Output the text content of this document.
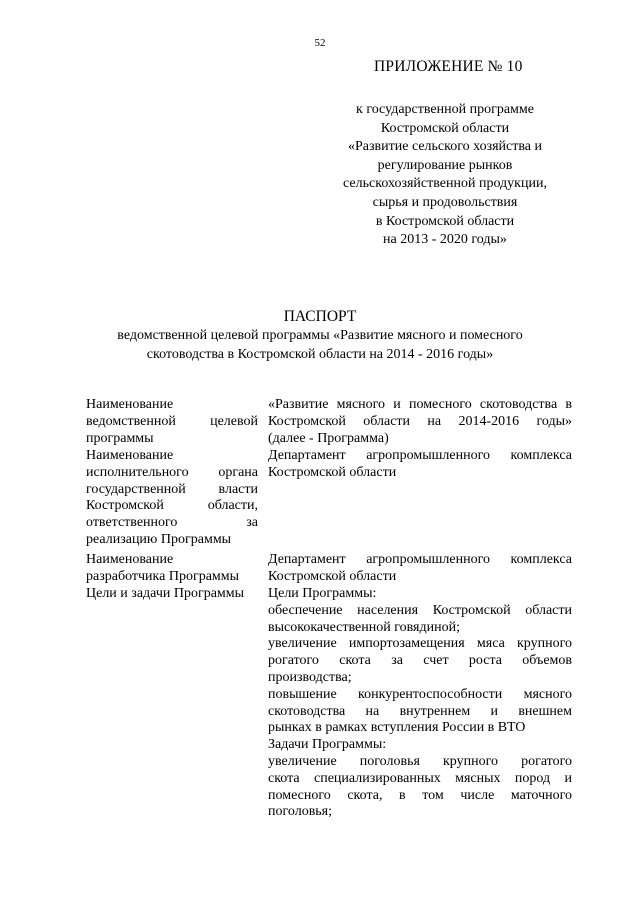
52
ПРИЛОЖЕНИЕ № 10
к государственной программе
Костромской области
«Развитие сельского хозяйства и
регулирование рынков
сельскохозяйственной продукции,
сырья и продовольствия
в Костромской области
на 2013 - 2020 годы»
ПАСПОРТ
ведомственной целевой программы «Развитие мясного и помесного
скотоводства в Костромской области на 2014 - 2016 годы»
Наименование
ведомственной целевой
программы
«Развитие мясного и помесного скотоводства в
Костромской области на 2014-2016 годы»
(далее - Программа)
Наименование
исполнительного органа
государственной власти
Костромской области,
ответственного за
реализацию Программы
Департамент агропромышленного комплекса
Костромской области
Наименование
разработчика Программы
Департамент агропромышленного комплекса
Костромской области
Цели и задачи Программы	Цели Программы:
обеспечение населения Костромской области
высококачественной говядиной;
увеличение импортозамещения мяса крупного
рогатого скота за счет роста объемов
производства;
повышение конкурентоспособности мясного
скотоводства на внутреннем и внешнем
рынках в рамках вступления России в ВТО
Задачи Программы:
увеличение поголовья крупного рогатого
скота специализированных мясных пород и
помесного скота, в том числе маточного
поголовья;
